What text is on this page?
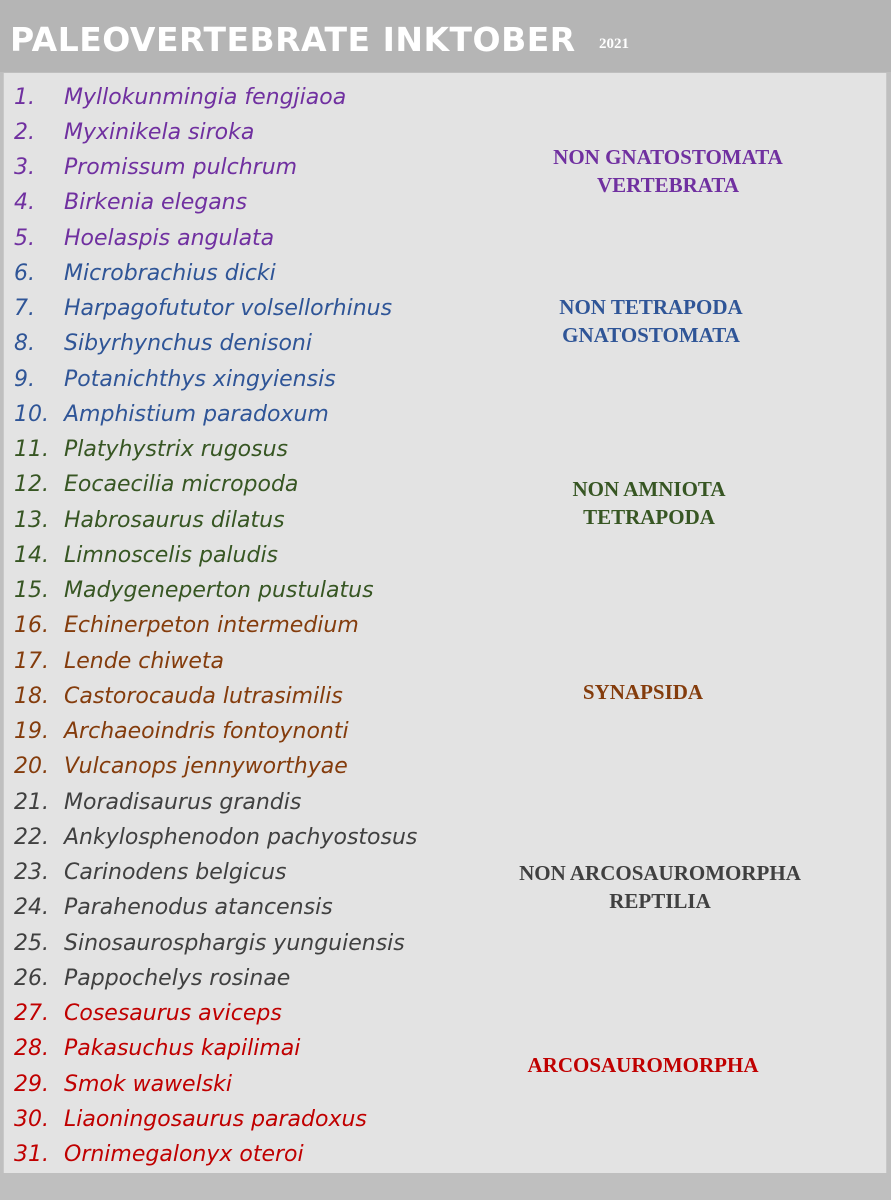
PALEOVERTEBRATE INKTOBER 2021
1. Myllokunmingia fengjiaoa
2. Myxinikela siroka
3. Promissum pulchrum
4. Birkenia elegans
5. Hoelaspis angulata
6. Microbrachius dicki
7. Harpagofututor volsellorhinus
8. Sibyrhynchus denisoni
9. Potanichthys xingyiensis
10. Amphistium paradoxum
11. Platyhystrix rugosus
12. Eocaecilia micropoda
13. Habrosaurus dilatus
14. Limnoscelis paludis
15. Madygeneperton pustulatus
16. Echinerpeton intermedium
17. Lende chiweta
18. Castorocauda lutrasimilis
19. Archaeoindris fontoynonti
20. Vulcanops jennyworthyae
21. Moradisaurus grandis
22. Ankylosphenodon pachyostosus
23. Carinodens belgicus
24. Parahenodus atancensis
25. Sinosaurosphargis yunguiensis
26. Pappochelys rosinae
27. Cosesaurus aviceps
28. Pakasuchus kapilimai
29. Smok wawelski
30. Liaoningosaurus paradoxus
31. Ornimegalonyx oteroi
NON GNATOSTOMATA
VERTEBRATA
NON TETRAPODA
GNATOSTOMATA
NON AMNIOTA
TETRAPODA
SYNAPSIDA
NON ARCOSAUROMORPHA
REPTILIA
ARCOSAUROMORPHA
